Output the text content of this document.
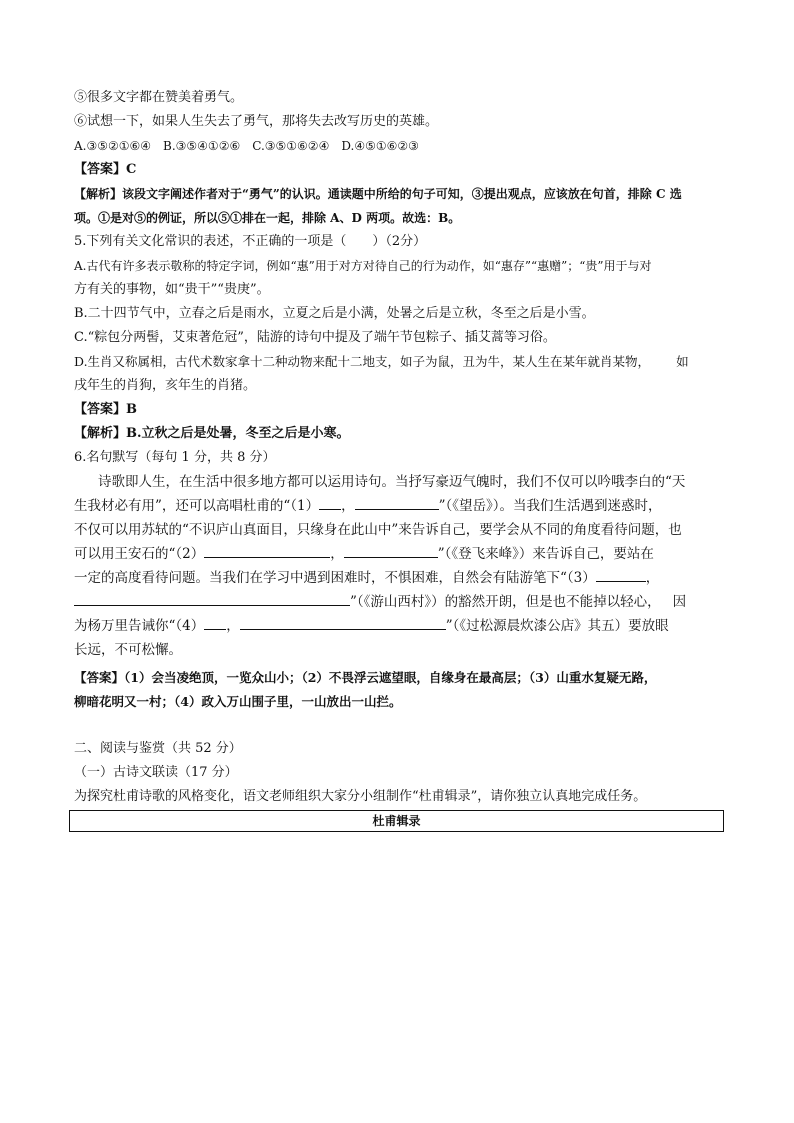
⑤很多文字都在赞美着勇气。
⑥试想一下，如果人生失去了勇气，那将失去改写历史的英雄。
A.③⑤②①⑥④　B.③⑤④①②⑥　C.③⑤①⑥②④　D.④⑤①⑥②③
【答案】C
【解析】该段文字阐述作者对于“勇气”的认识。通读题中所给的句子可知，③提出观点，应该放在句首，排除 C 选
项。①是对⑤的例证，所以⑤①排在一起，排除 A、D 两项。故选：B。
5.下列有关文化常识的表述，不正确的一项是（　　）（2分）
A.古代有许多表示敬称的特定字词，例如“惠”用于对方对待自己的行为动作，如“惠存”“惠赠”；“贵”用于与对
方有关的事物，如“贵干”“贵庚”。
B.二十四节气中，立春之后是雨水，立夏之后是小满，处暑之后是立秋，冬至之后是小雪。
C.“粽包分两髻，艾束著危冠”，陆游的诗句中提及了端午节包粽子、插艾蒿等习俗。
D.生肖又称属相，古代术数家拿十二种动物来配十二地支，如子为鼠，丑为牛，某人生在某年就肖某物， 如
戌年生的肖狗，亥年生的肖猪。
【答案】B
【解析】B.立秋之后是处暑，冬至之后是小寒。
6.名句默写（每句 1 分，共 8 分）
诗歌即人生，在生活中很多地方都可以运用诗句。当抒写豪迈气魄时，我们不仅可以吟哦李白的“天
生我材必有用”，还可以高唱杜甫的“（1） ，	”（《望岳》）。当我们生活遇到迷惑时，
不仅可以用苏轼的“不识庐山真面目，只缘身在此山中”来告诉自己，要学会从不同的角度看待问题，也
可以用王安石的“（2）	，	”（《登飞来峰》）来告诉自己，要站在
一定的高度看待问题。当我们在学习中遇到困难时，不惧困难，自然会有陆游笔下“（3）	，
”（《游山西村》）的豁然开朗，但是也不能掉以轻心， 因
为杨万里告诫你“（4） ，	”（《过松源晨炊漆公店》其五）要放眼
长远，不可松懈。
【答案】（1）会当凌绝顶，一览众山小；（2）不畏浮云遮望眼，自缘身在最高层；（3）山重水复疑无路，
柳暗花明又一村；（4）政入万山围子里，一山放出一山拦。
二、阅读与鉴赏（共 52 分）
（一）古诗文联读（17 分）
为探究杜甫诗歌的风格变化，语文老师组织大家分小组制作“杜甫辑录”，请你独立认真地完成任务。
杜甫辑录
